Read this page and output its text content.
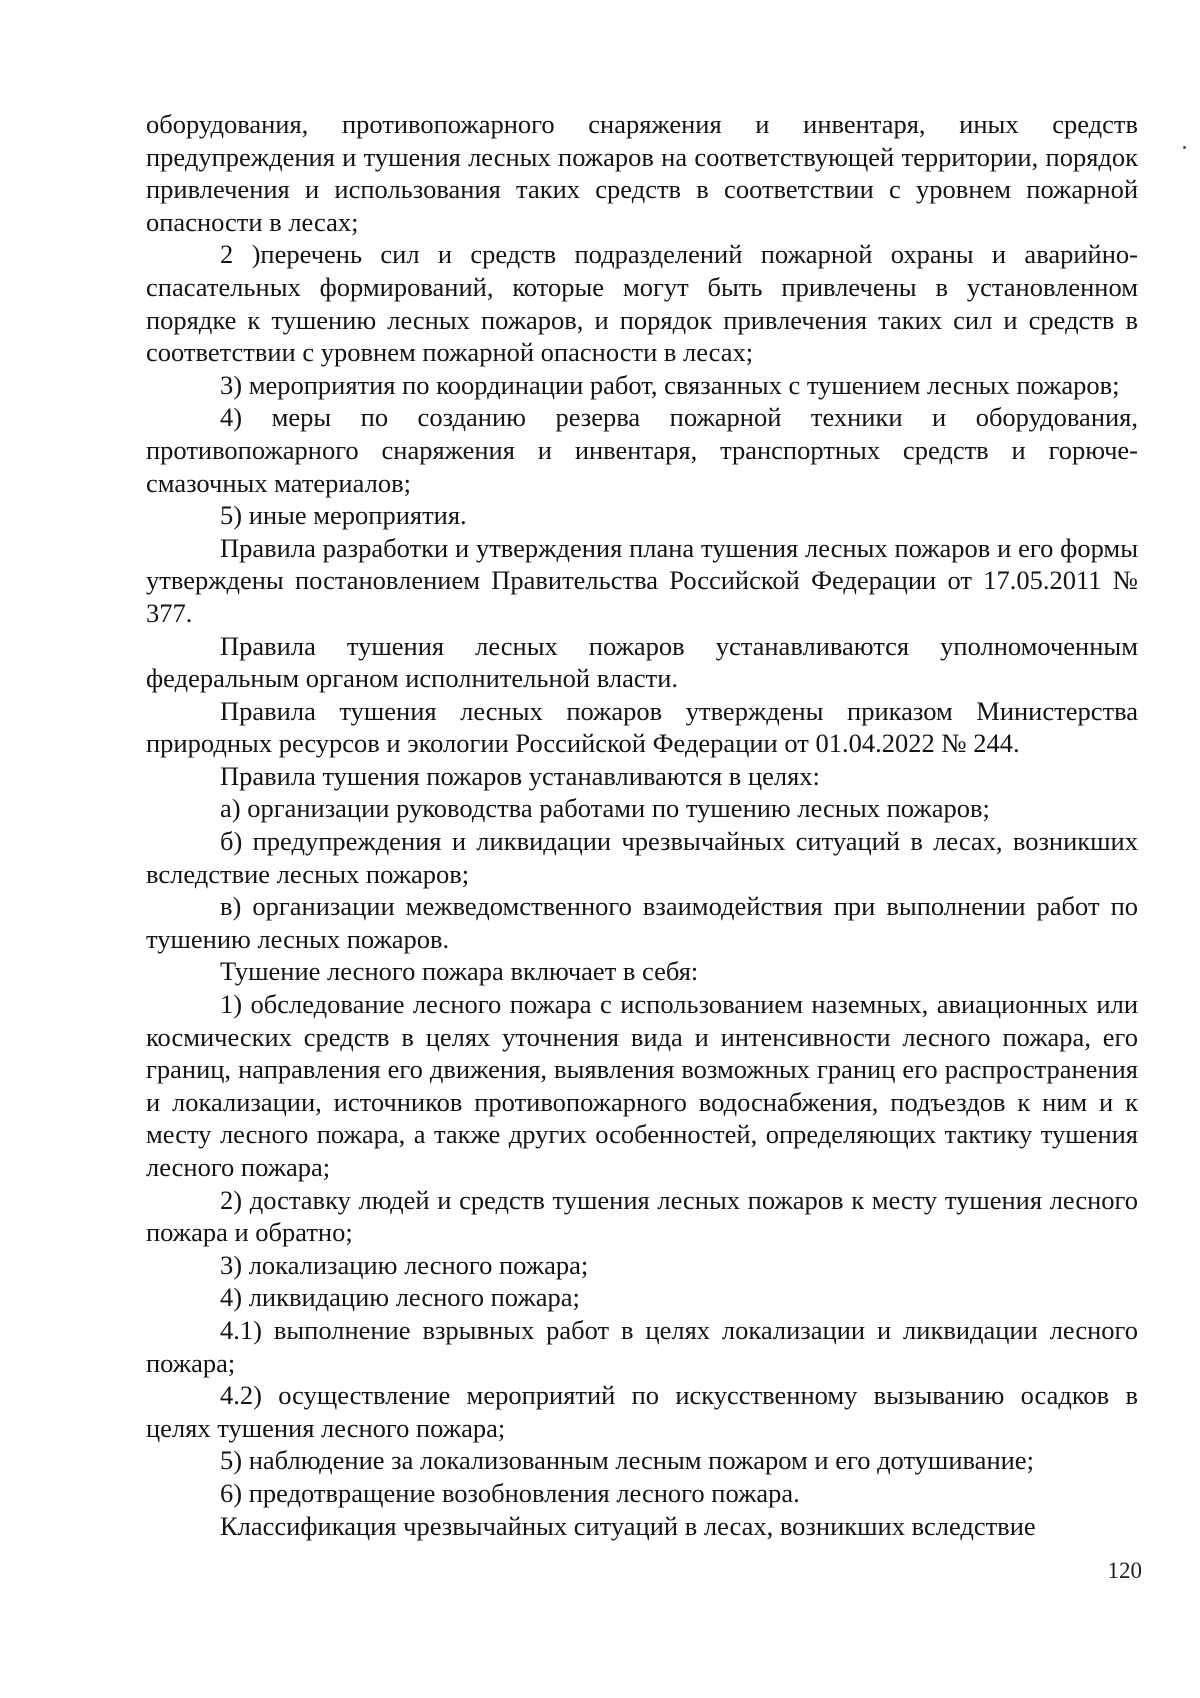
оборудования, противопожарного снаряжения и инвентаря, иных средств предупреждения и тушения лесных пожаров на соответствующей территории, порядок привлечения и использования таких средств в соответствии с уровнем пожарной опасности в лесах;

2 )перечень сил и средств подразделений пожарной охраны и аварийно-спасательных формирований, которые могут быть привлечены в установленном порядке к тушению лесных пожаров, и порядок привлечения таких сил и средств в соответствии с уровнем пожарной опасности в лесах;

3) мероприятия по координации работ, связанных с тушением лесных пожаров;

4) меры по созданию резерва пожарной техники и оборудования, противопожарного снаряжения и инвентаря, транспортных средств и горюче-смазочных материалов;

5) иные мероприятия.

Правила разработки и утверждения плана тушения лесных пожаров и его формы утверждены постановлением Правительства Российской Федерации от 17.05.2011 № 377.

Правила тушения лесных пожаров устанавливаются уполномоченным федеральным органом исполнительной власти.

Правила тушения лесных пожаров утверждены приказом Министерства природных ресурсов и экологии Российской Федерации от 01.04.2022 № 244.

Правила тушения пожаров устанавливаются в целях:

а) организации руководства работами по тушению лесных пожаров;

б) предупреждения и ликвидации чрезвычайных ситуаций в лесах, возникших вследствие лесных пожаров;

в) организации межведомственного взаимодействия при выполнении работ по тушению лесных пожаров.

Тушение лесного пожара включает в себя:

1) обследование лесного пожара с использованием наземных, авиационных или космических средств в целях уточнения вида и интенсивности лесного пожара, его границ, направления его движения, выявления возможных границ его распространения и локализации, источников противопожарного водоснабжения, подъездов к ним и к месту лесного пожара, а также других особенностей, определяющих тактику тушения лесного пожара;

2) доставку людей и средств тушения лесных пожаров к месту тушения лесного пожара и обратно;

3) локализацию лесного пожара;

4) ликвидацию лесного пожара;

4.1) выполнение взрывных работ в целях локализации и ликвидации лесного пожара;

4.2) осуществление мероприятий по искусственному вызыванию осадков в целях тушения лесного пожара;

5) наблюдение за локализованным лесным пожаром и его дотушивание;

6) предотвращение возобновления лесного пожара.

Классификация чрезвычайных ситуаций в лесах, возникших вследствие

120
